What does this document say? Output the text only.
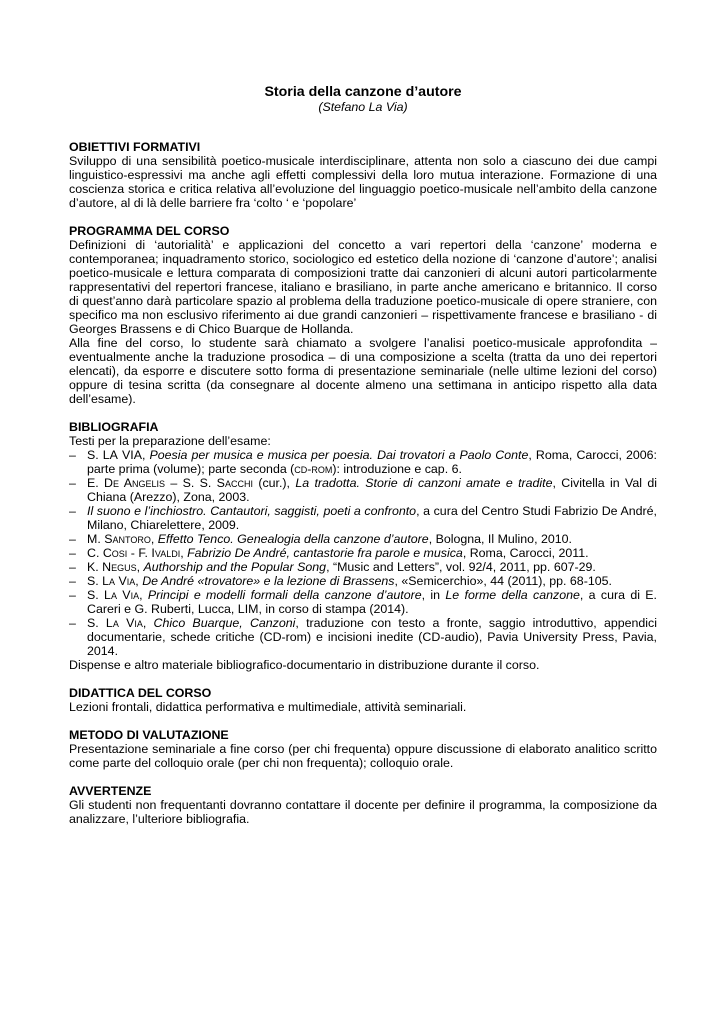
Storia della canzone d’autore

(Stefano La Via)

OBIETTIVI FORMATIVI

Sviluppo di una sensibilità poetico-musicale interdisciplinare, attenta non solo a ciascuno dei due campi linguistico-espressivi ma anche agli effetti complessivi della loro mutua interazione. Formazione di una coscienza storica e critica relativa all’evoluzione del linguaggio poetico-musicale nell’ambito della canzone d’autore, al di là delle barriere fra ‘colto ‘ e ‘popolare’

PROGRAMMA DEL CORSO

Definizioni di ‘autorialità’ e applicazioni del concetto a vari repertori della ‘canzone’ moderna e contemporanea; inquadramento storico, sociologico ed estetico della nozione di ‘canzone d’autore’; analisi poetico-musicale e lettura comparata di composizioni tratte dai canzonieri di alcuni autori particolarmente rappresentativi del repertori francese, italiano e brasiliano, in parte anche americano e britannico. Il corso di quest’anno darà particolare spazio al problema della traduzione poetico-musicale di opere straniere, con specifico ma non esclusivo riferimento ai due grandi canzonieri – rispettivamente francese e brasiliano - di Georges Brassens e di Chico Buarque de Hollanda.

Alla fine del corso, lo studente sarà chiamato a svolgere l’analisi poetico-musicale approfondita – eventualmente anche la traduzione prosodica – di una composizione a scelta (tratta da uno dei repertori elencati), da esporre e discutere sotto forma di presentazione seminariale (nelle ultime lezioni del corso) oppure di tesina scritta (da consegnare al docente almeno una settimana in anticipo rispetto alla data dell’esame).

BIBLIOGRAFIA

Testi per la preparazione dell’esame:

– S. LA VIA, Poesia per musica e musica per poesia. Dai trovatori a Paolo Conte, Roma, Carocci, 2006: parte prima (volume); parte seconda (cd-rom): introduzione e cap. 6.
– E. De Angelis – S. S. Sacchi (cur.), La tradotta. Storie di canzoni amate e tradite, Civitella in Val di Chiana (Arezzo), Zona, 2003.
– Il suono e l’inchiostro. Cantautori, saggisti, poeti a confronto, a cura del Centro Studi Fabrizio De André, Milano, Chiarelettere, 2009.
– M. Santoro, Effetto Tenco. Genealogia della canzone d’autore, Bologna, Il Mulino, 2010.
– C. Cosi - F. Ivaldi, Fabrizio De André, cantastorie fra parole e musica, Roma, Carocci, 2011.
– K. Negus, Authorship and the Popular Song, “Music and Letters”, vol. 92/4, 2011, pp. 607-29.
– S. La Via, De André «trovatore» e la lezione di Brassens, «Semicerchio», 44 (2011), pp. 68-105.
– S. La Via, Principi e modelli formali della canzone d’autore, in Le forme della canzone, a cura di E. Careri e G. Ruberti, Lucca, LIM, in corso di stampa (2014).
– S. La Via, Chico Buarque, Canzoni, traduzione con testo a fronte, saggio introduttivo, appendici documentarie, schede critiche (CD-rom) e incisioni inedite (CD-audio), Pavia University Press, Pavia, 2014.

Dispense e altro materiale bibliografico-documentario in distribuzione durante il corso.

DIDATTICA DEL CORSO

Lezioni frontali, didattica performativa e multimediale, attività seminariali.

METODO DI VALUTAZIONE

Presentazione seminariale a fine corso (per chi frequenta) oppure discussione di elaborato analitico scritto come parte del colloquio orale (per chi non frequenta); colloquio orale.

AVVERTENZE

Gli studenti non frequentanti dovranno contattare il docente per definire il programma, la composizione da analizzare, l’ulteriore bibliografia.
